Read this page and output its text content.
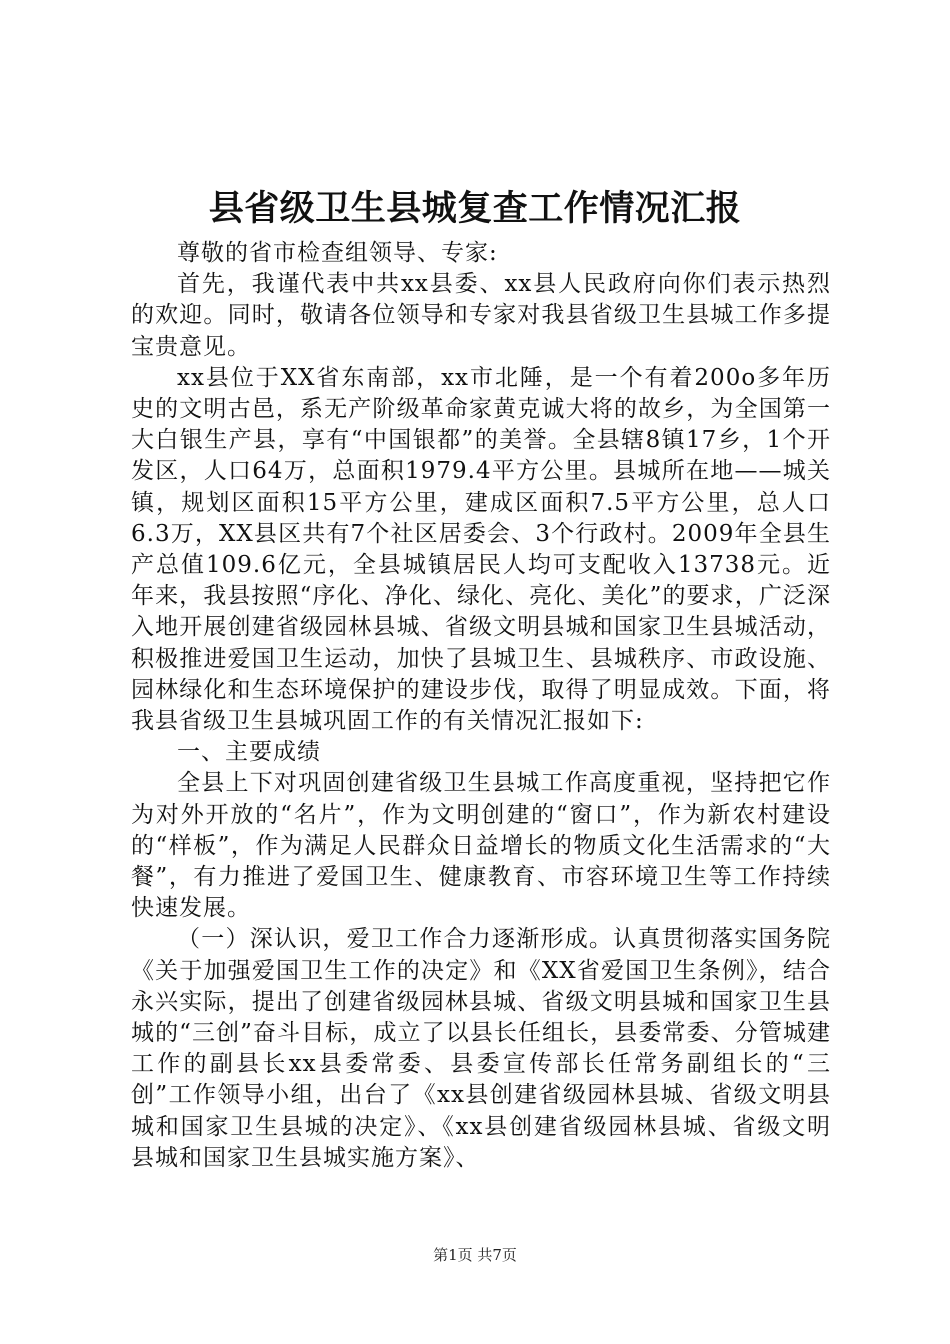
县省级卫生县城复查工作情况汇报

尊敬的省市检查组领导、专家:

首先，我谨代表中共xx县委、xx县人民政府向你们表示热烈的欢迎。同时，敬请各位领导和专家对我县省级卫生县城工作多提宝贵意见。

xx县位于XX省东南部，xx市北陲，是一个有着200o多年历史的文明古邑，系无产阶级革命家黄克诚大将的故乡，为全国第一大白银生产县，享有“中国银都”的美誉。全县辖8镇17乡，1个开发区，人口64万，总面积1979.4平方公里。县城所在地——城关镇，规划区面积15平方公里，建成区面积7.5平方公里，总人口6.3万，XX县区共有7个社区居委会、3个行政村。2009年全县生产总值109.6亿元，全县城镇居民人均可支配收入13738元。近年来，我县按照“序化、净化、绿化、亮化、美化”的要求，广泛深入地开展创建省级园林县城、省级文明县城和国家卫生县城活动，积极推进爱国卫生运动，加快了县城卫生、县城秩序、市政设施、园林绿化和生态环境保护的建设步伐，取得了明显成效。下面，将我县省级卫生县城巩固工作的有关情况汇报如下:

一、主要成绩

全县上下对巩固创建省级卫生县城工作高度重视，坚持把它作为对外开放的“名片”，作为文明创建的“窗口”，作为新农村建设的“样板”，作为满足人民群众日益增长的物质文化生活需求的“大餐”，有力推进了爱国卫生、健康教育、市容环境卫生等工作持续快速发展。

（一）深认识，爱卫工作合力逐渐形成。认真贯彻落实国务院《关于加强爱国卫生工作的决定》和《XX省爱国卫生条例》，结合永兴实际，提出了创建省级园林县城、省级文明县城和国家卫生县城的“三创”奋斗目标，成立了以县长任组长，县委常委、分管城建工作的副县长xx县委常委、县委宣传部长任常务副组长的“三创”工作领导小组，出台了《xx县创建省级园林县城、省级文明县城和国家卫生县城的决定》、《xx县创建省级园林县城、省级文明县城和国家卫生县城实施方案》、

第1页 共7页
